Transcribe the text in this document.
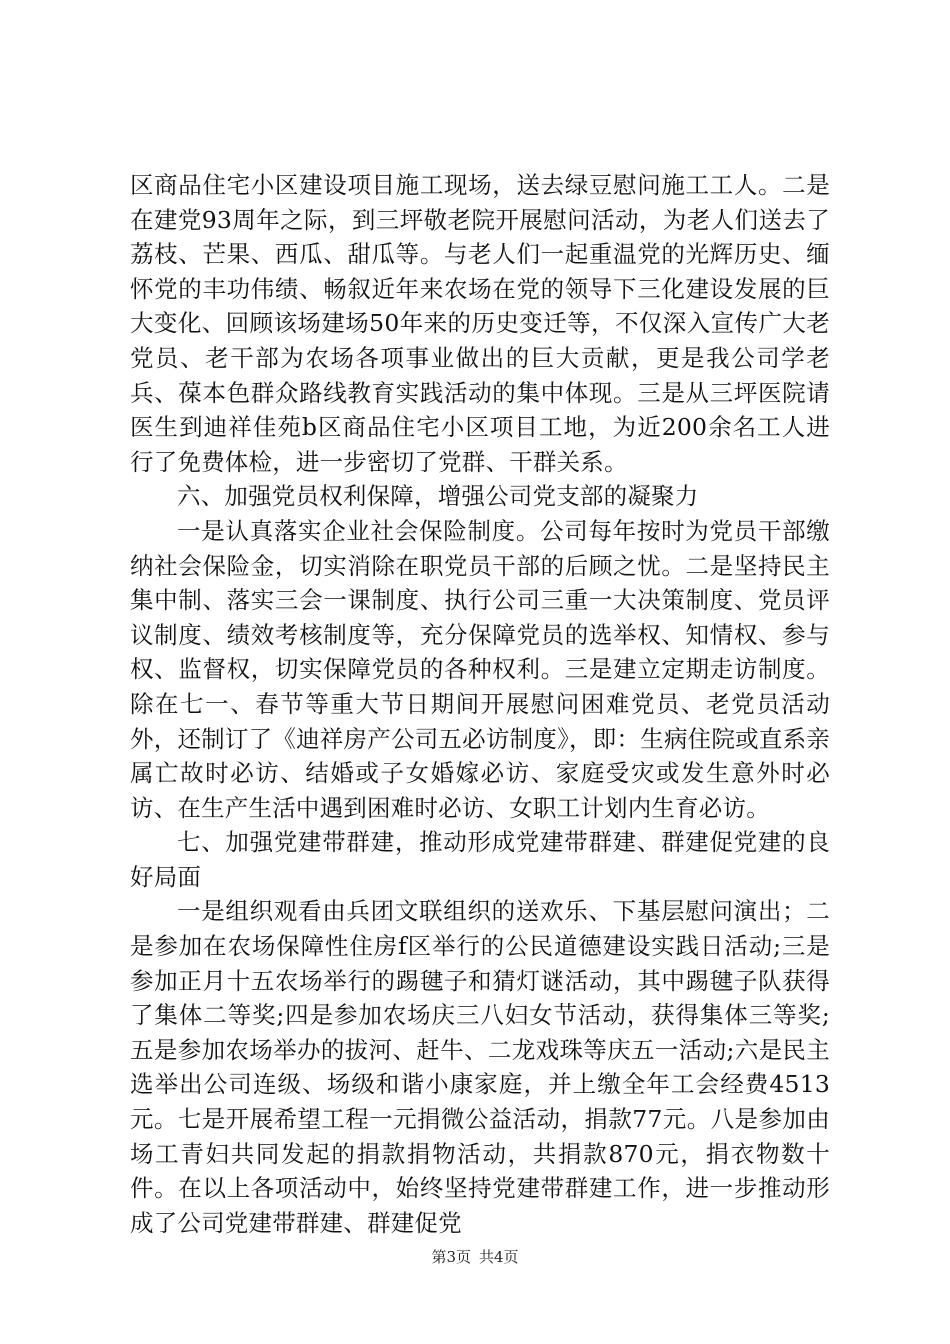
区商品住宅小区建设项目施工现场，送去绿豆慰问施工工人。二是在建党93周年之际，到三坪敬老院开展慰问活动，为老人们送去了荔枝、芒果、西瓜、甜瓜等。与老人们一起重温党的光辉历史、缅怀党的丰功伟绩、畅叙近年来农场在党的领导下三化建设发展的巨大变化、回顾该场建场50年来的历史变迁等，不仅深入宣传广大老党员、老干部为农场各项事业做出的巨大贡献，更是我公司学老兵、葆本色群众路线教育实践活动的集中体现。三是从三坪医院请医生到迪祥佳苑b区商品住宅小区项目工地，为近200余名工人进行了免费体检，进一步密切了党群、干群关系。

六、加强党员权利保障，增强公司党支部的凝聚力

一是认真落实企业社会保险制度。公司每年按时为党员干部缴纳社会保险金，切实消除在职党员干部的后顾之忧。二是坚持民主集中制、落实三会一课制度、执行公司三重一大决策制度、党员评议制度、绩效考核制度等，充分保障党员的选举权、知情权、参与权、监督权，切实保障党员的各种权利。三是建立定期走访制度。除在七一、春节等重大节日期间开展慰问困难党员、老党员活动外，还制订了《迪祥房产公司五必访制度》，即：生病住院或直系亲属亡故时必访、结婚或子女婚嫁必访、家庭受灾或发生意外时必访、在生产生活中遇到困难时必访、女职工计划内生育必访。

七、加强党建带群建，推动形成党建带群建、群建促党建的良好局面

一是组织观看由兵团文联组织的送欢乐、下基层慰问演出；二是参加在农场保障性住房f区举行的公民道德建设实践日活动;三是参加正月十五农场举行的踢毽子和猜灯谜活动，其中踢毽子队获得了集体二等奖;四是参加农场庆三八妇女节活动，获得集体三等奖;五是参加农场举办的拔河、赶牛、二龙戏珠等庆五一活动;六是民主选举出公司连级、场级和谐小康家庭，并上缴全年工会经费4513元。七是开展希望工程一元捐微公益活动，捐款77元。八是参加由场工青妇共同发起的捐款捐物活动，共捐款870元，捐衣物数十件。在以上各项活动中，始终坚持党建带群建工作，进一步推动形成了公司党建带群建、群建促党

第3页 共4页
